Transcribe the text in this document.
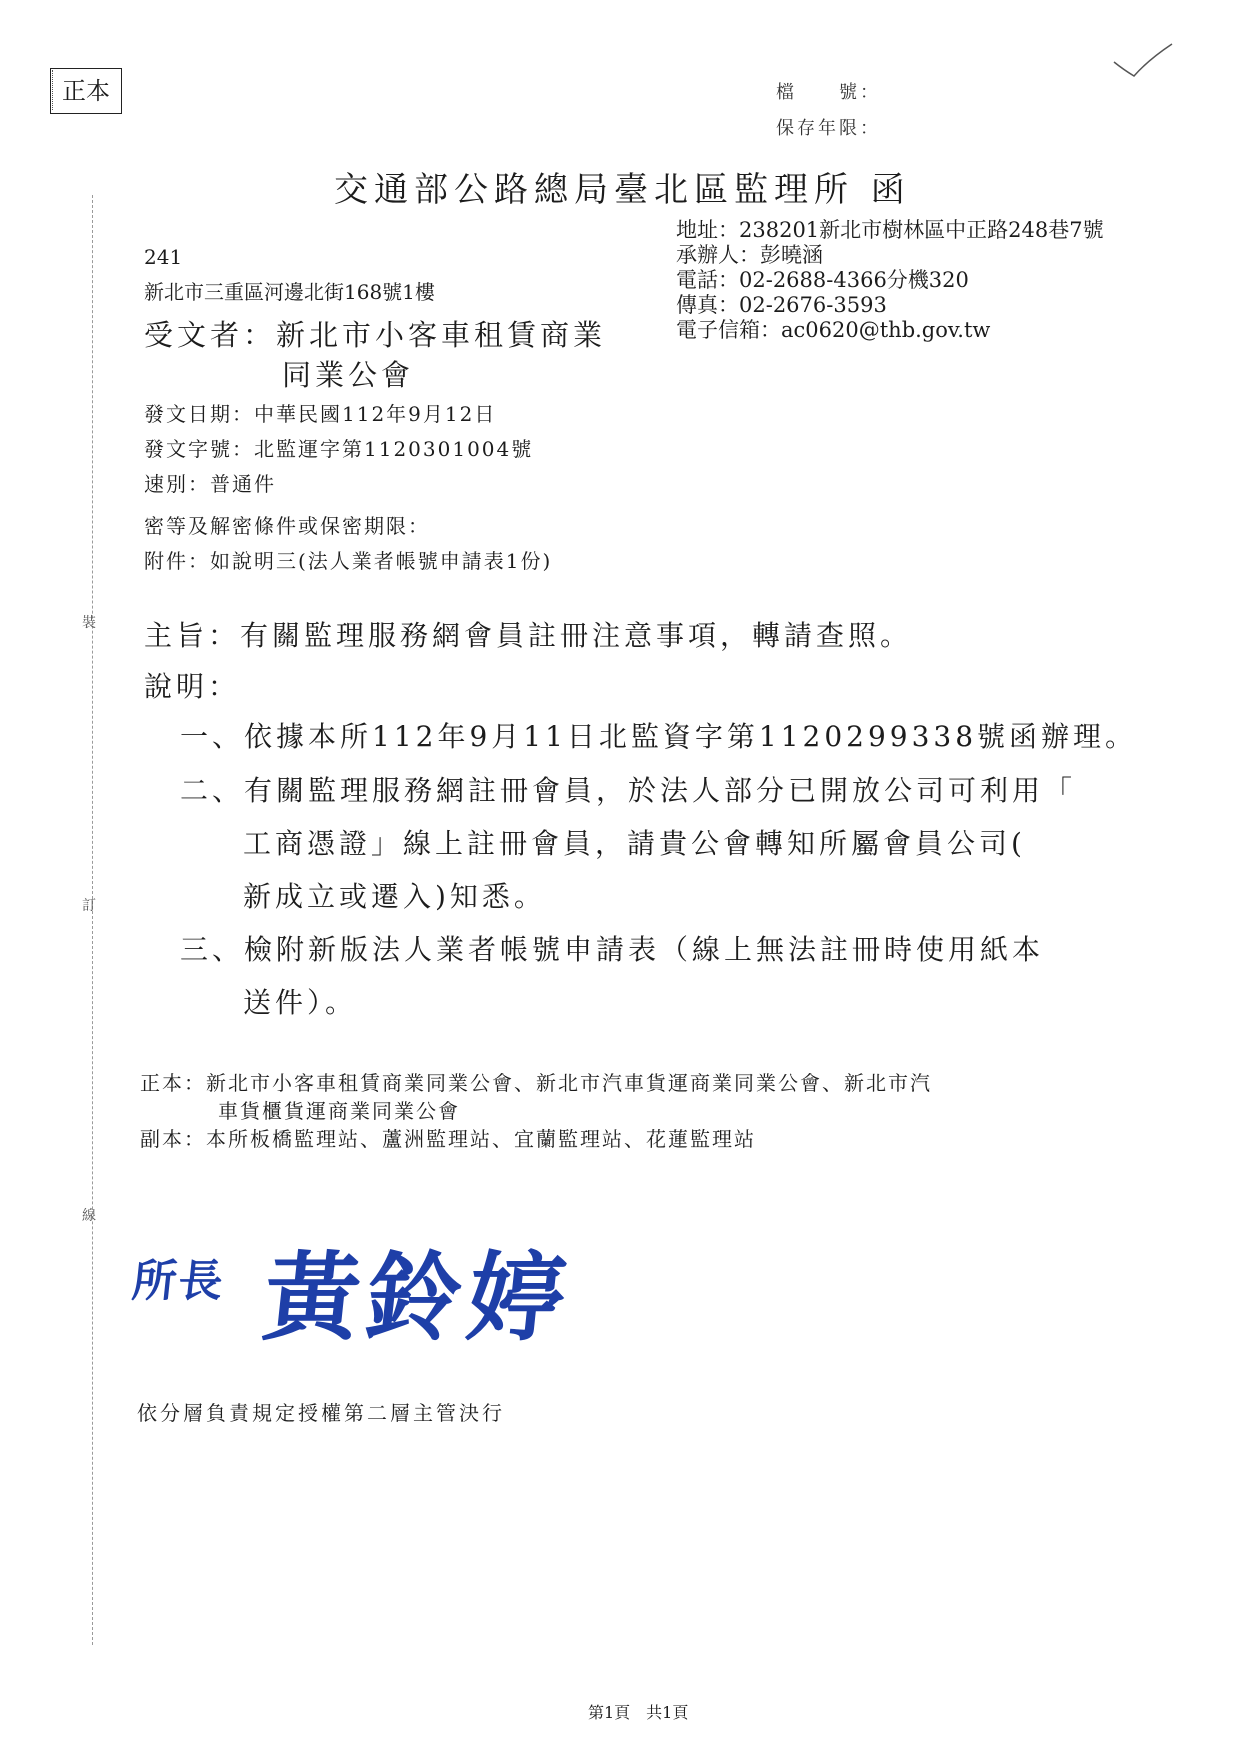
裝
訂
線
正本	檔　　號：
保存年限：
交通部公路總局臺北區監理所 函
地址：238201新北市樹林區中正路248巷7號
承辦人：彭曉涵
電話：02-2688-4366分機320
傳真：02-2676-3593
電子信箱：ac0620@thb.gov.tw
241
新北市三重區河邊北街168號1樓
受文者：新北市小客車租賃商業
同業公會
發文日期：中華民國112年9月12日
發文字號：北監運字第1120301004號
速別：普通件
密等及解密條件或保密期限：
附件：如說明三(法人業者帳號申請表1份)
主旨：有關監理服務網會員註冊注意事項，轉請查照。
說明：
一、依據本所112年9月11日北監資字第1120299338號函辦理。
二、有關監理服務網註冊會員，於法人部分已開放公司可利用「
工商憑證」線上註冊會員，請貴公會轉知所屬會員公司(
新成立或遷入)知悉。
三、檢附新版法人業者帳號申請表（線上無法註冊時使用紙本
送件）。
正本：新北市小客車租賃商業同業公會、新北市汽車貨運商業同業公會、新北市汽
車貨櫃貨運商業同業公會
副本：本所板橋監理站、蘆洲監理站、宜蘭監理站、花蓮監理站
所長 黃鈴婷
依分層負責規定授權第二層主管決行
第1頁　共1頁
